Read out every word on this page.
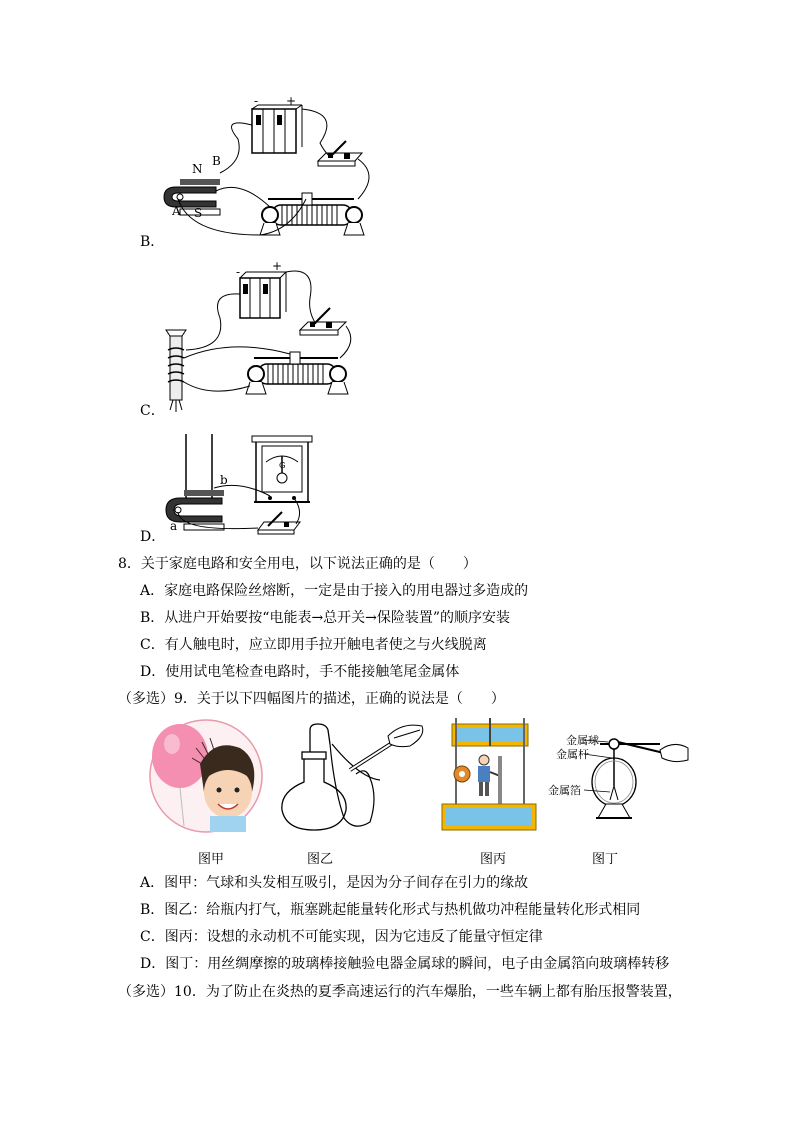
- +
N
S
A
B
B．
-	+
C．
a
b
G
D．
8．关于家庭电路和安全用电，以下说法正确的是（　　）
A．家庭电路保险丝熔断，一定是由于接入的用电器过多造成的
B．从进户开始要按“电能表→总开关→保险装置”的顺序安装
C．有人触电时，应立即用手拉开触电者使之与火线脱离
D．使用试电笔检查电路时，手不能接触笔尾金属体
（多选）9．关于以下四幅图片的描述，正确的说法是（　　）
金属球
金属杆
金属箔
图甲	图乙	图丙	图丁
A．图甲：气球和头发相互吸引，是因为分子间存在引力的缘故
B．图乙：给瓶内打气，瓶塞跳起能量转化形式与热机做功冲程能量转化形式相同
C．图丙：设想的永动机不可能实现，因为它违反了能量守恒定律
D．图丁：用丝绸摩擦的玻璃棒接触验电器金属球的瞬间，电子由金属箔向玻璃棒转移
（多选）10．为了防止在炎热的夏季高速运行的汽车爆胎，一些车辆上都有胎压报警装置，
